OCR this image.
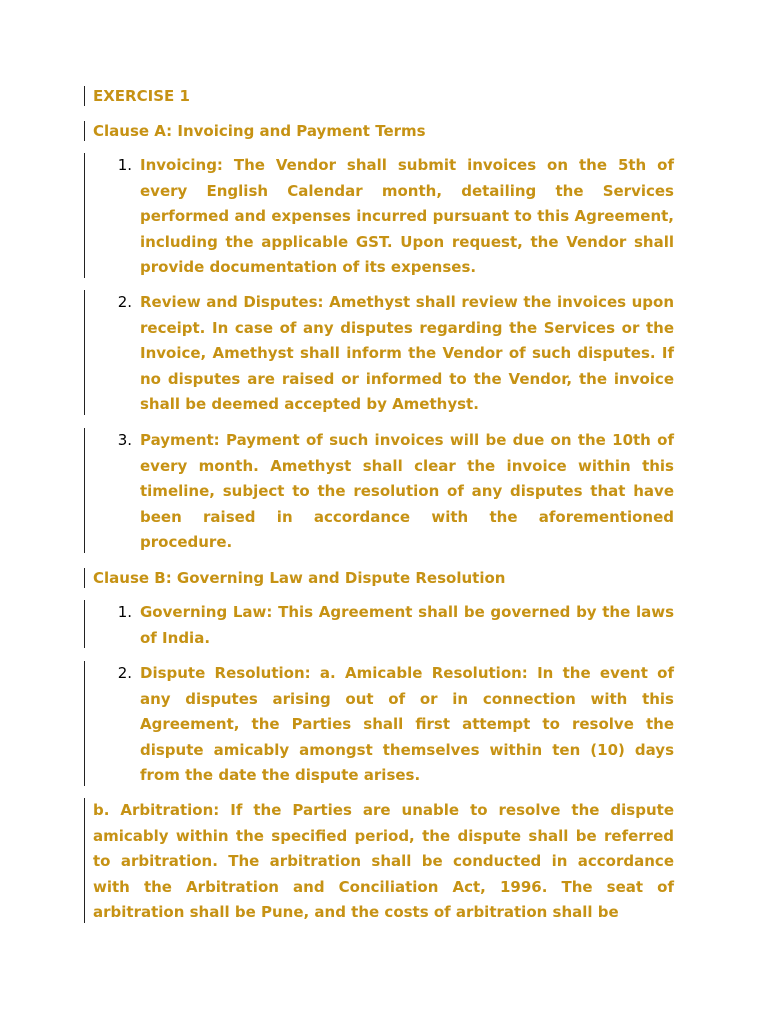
EXERCISE 1
Clause A: Invoicing and Payment Terms
1. Invoicing: The Vendor shall submit invoices on the 5th of every English Calendar month, detailing the Services performed and expenses incurred pursuant to this Agreement, including the applicable GST. Upon request, the Vendor shall provide documentation of its expenses.
2. Review and Disputes: Amethyst shall review the invoices upon receipt. In case of any disputes regarding the Services or the Invoice, Amethyst shall inform the Vendor of such disputes. If no disputes are raised or informed to the Vendor, the invoice shall be deemed accepted by Amethyst.
3. Payment: Payment of such invoices will be due on the 10th of every month. Amethyst shall clear the invoice within this timeline, subject to the resolution of any disputes that have been raised in accordance with the aforementioned procedure.
Clause B: Governing Law and Dispute Resolution
1. Governing Law: This Agreement shall be governed by the laws of India.
2. Dispute Resolution: a. Amicable Resolution: In the event of any disputes arising out of or in connection with this Agreement, the Parties shall first attempt to resolve the dispute amicably amongst themselves within ten (10) days from the date the dispute arises.
b. Arbitration: If the Parties are unable to resolve the dispute amicably within the specified period, the dispute shall be referred to arbitration. The arbitration shall be conducted in accordance with the Arbitration and Conciliation Act, 1996. The seat of arbitration shall be Pune, and the costs of arbitration shall be
